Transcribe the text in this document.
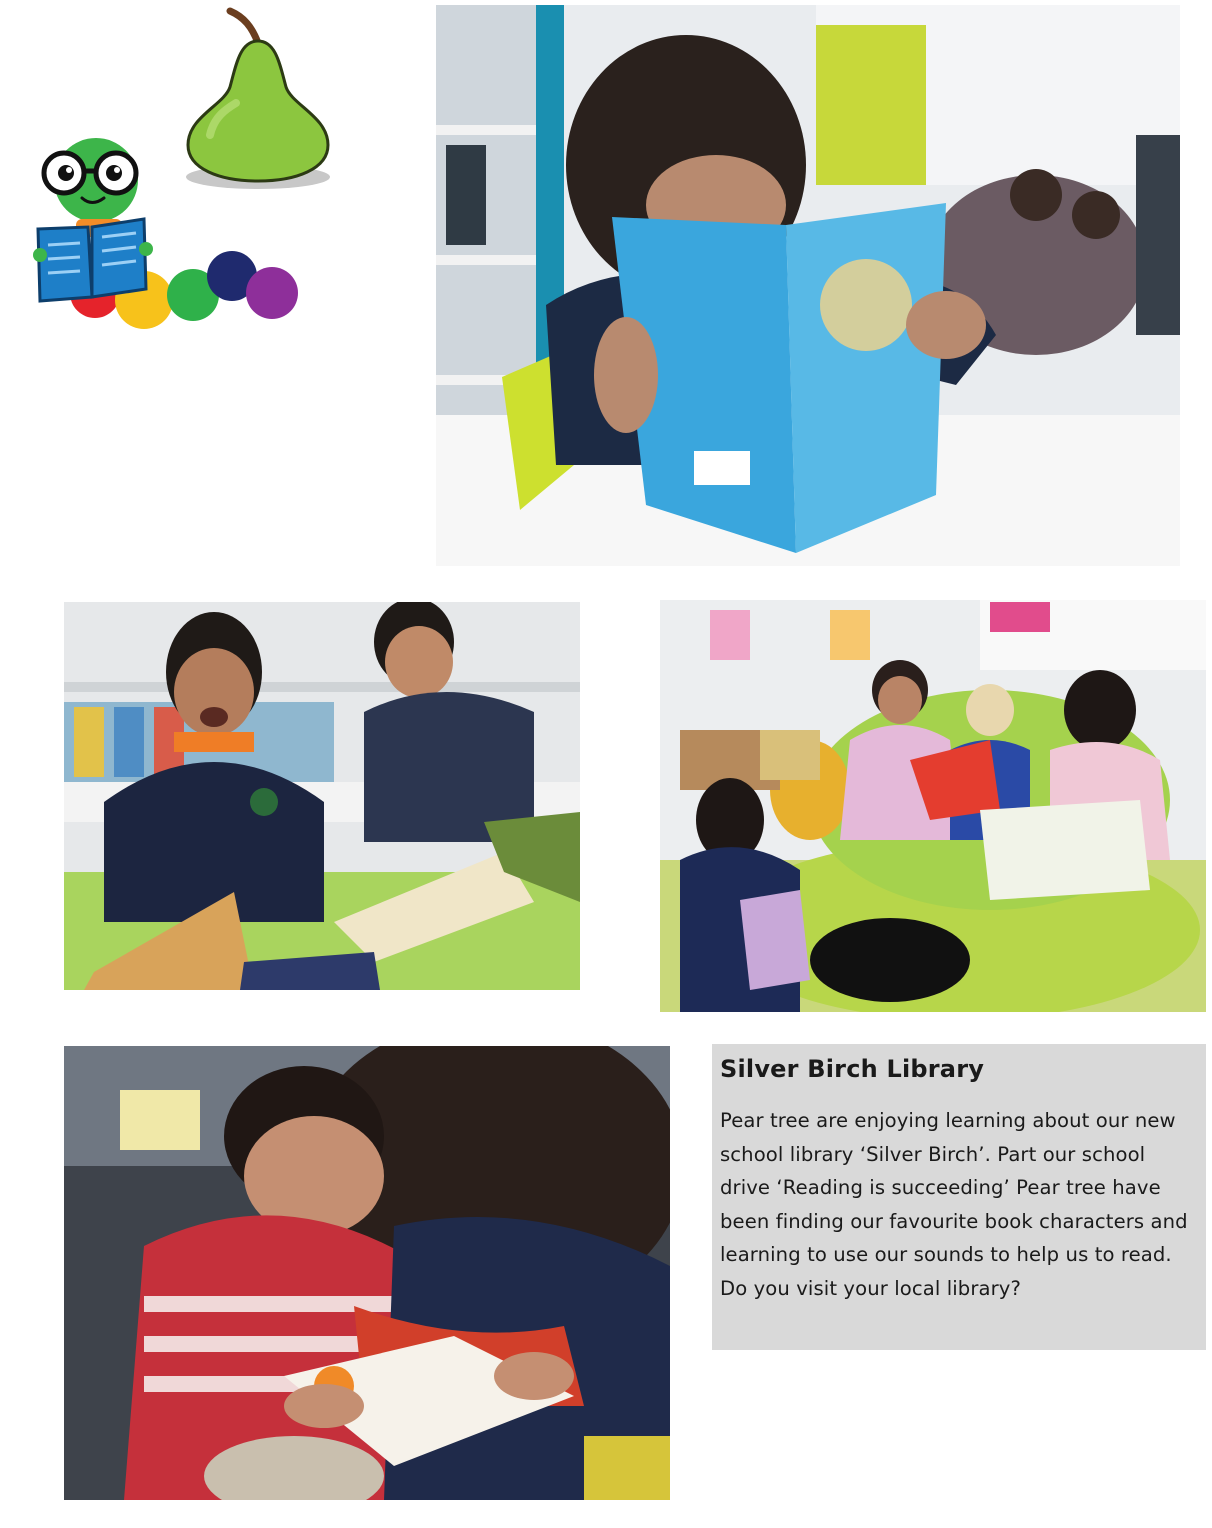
Silver Birch Library

Pear tree are enjoying learning about our new school library ‘Silver Birch’. Part our school drive ‘Reading is succeeding’ Pear tree have been finding our favourite book characters and learning to use our sounds to help us to read. Do you visit your local library?
